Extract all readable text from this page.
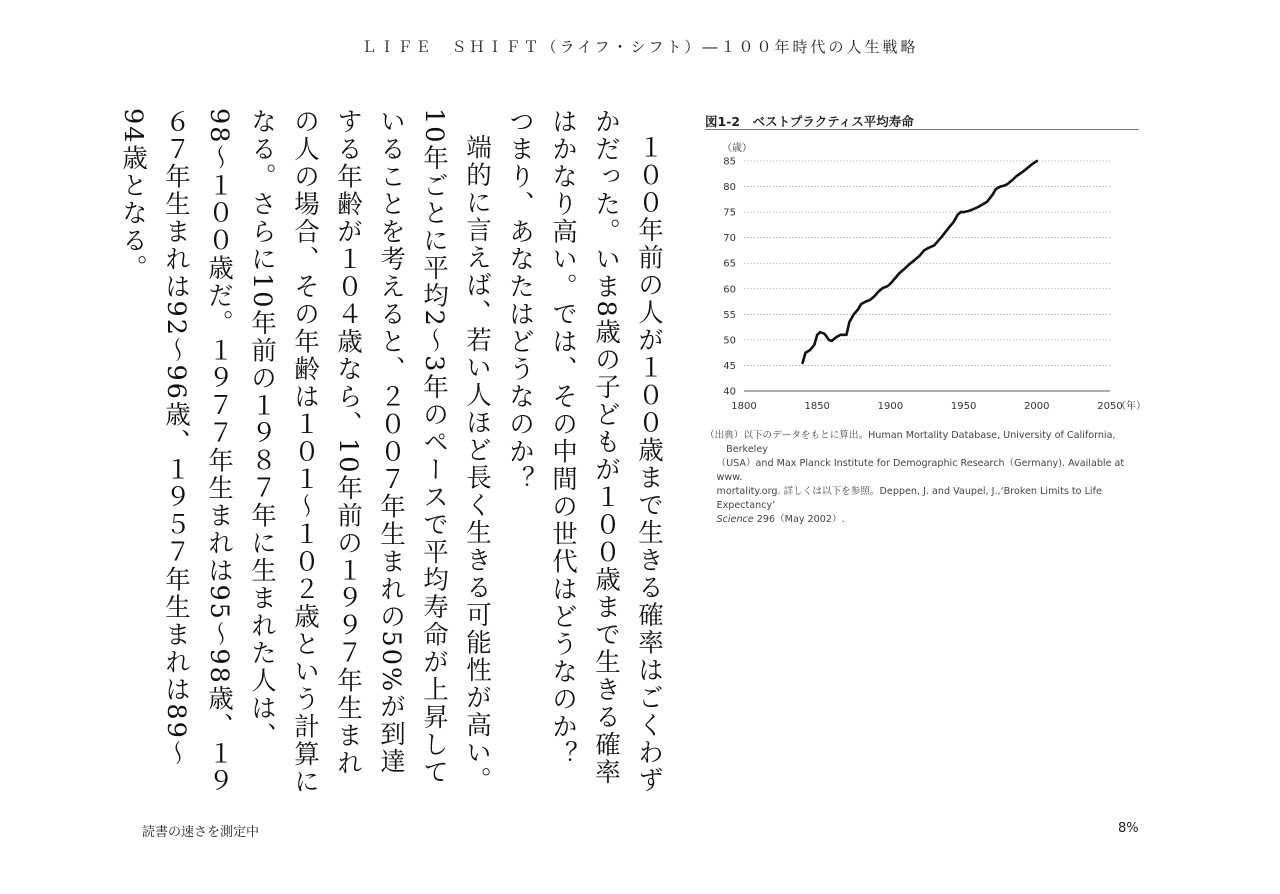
ＬＩＦＥ　ＳＨＩＦＴ（ライフ・シフト）―１００年時代の人生戦略

１００年前の人が１００歳まで生きる確率はごくわずかだった。いま8歳の子どもが１００歳まで生きる確率はかなり高い。では、その中間の世代はどうなのか？　つまり、あなたはどうなのか？

端的に言えば、若い人ほど長く生きる可能性が高い。10年ごとに平均2〜3年のペースで平均寿命が上昇していることを考えると、２００７年生まれの50%が到達する年齢が１０４歳なら、10年前の１９９７年生まれの人の場合、その年齢は１０１〜１０２歳という計算になる。さらに10年前の１９８７年に生まれた人は、98〜１００歳だ。１９７７年生まれは95〜98歳、１９６７年生まれは92〜96歳、１９５７年生まれは89〜94歳となる。	図1-2　ベストプラクティス平均寿命
（歳）
40
45
50
55
60
65
70
75
80
85
1800	1850	1900	1950	2000	2050
（年）
（出典）以下のデータをもとに算出。Human Mortality Database, University of California, Berkeley
（USA）and Max Planck Institute for Demographic Research（Germany). Available at www.
mortality.org. 詳しくは以下を参照。Deppen, J. and Vaupel, J.,‘Broken Limits to Life Expectancy’
Science 296（May 2002）.
読書の速さを測定中	8%
